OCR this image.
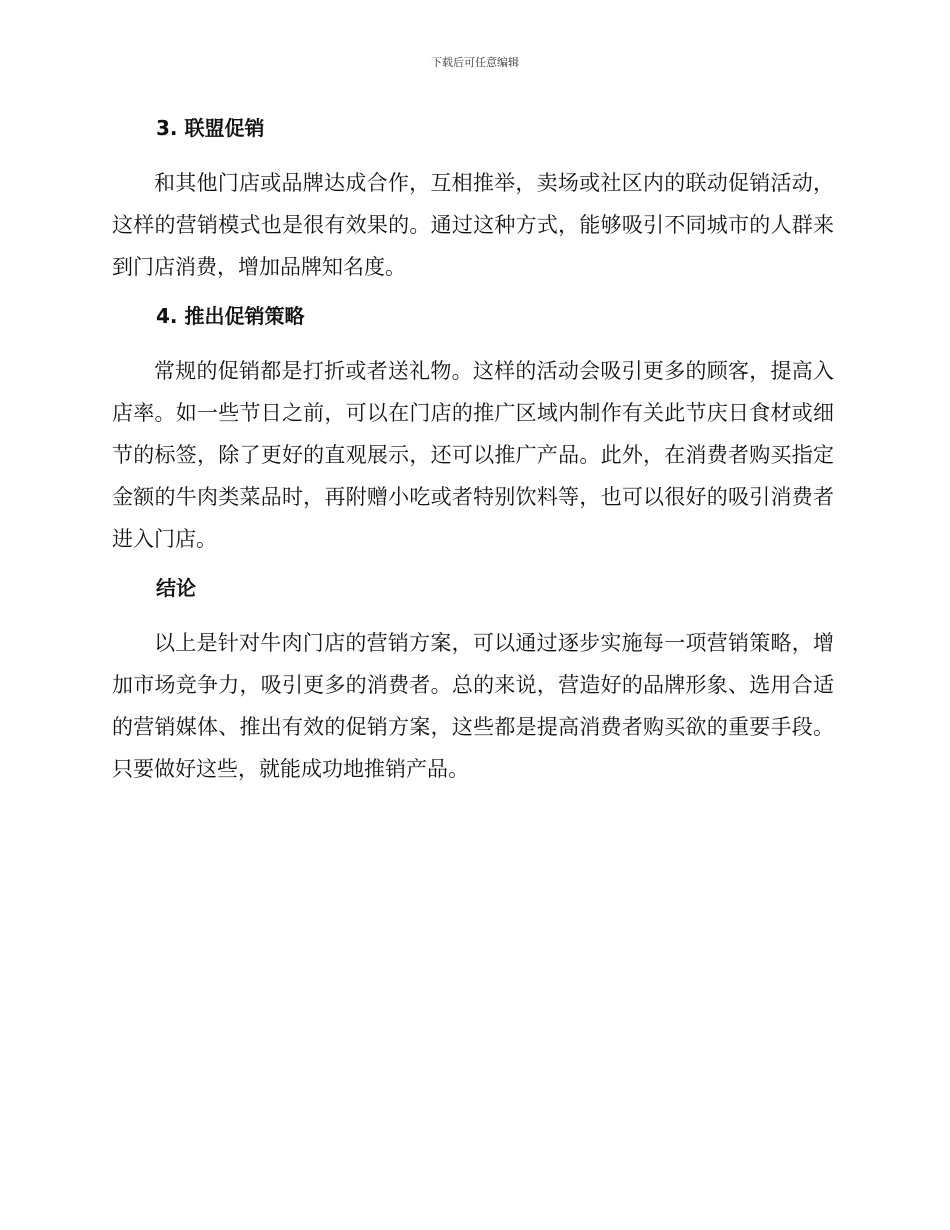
下载后可任意编辑
3. 联盟促销

和其他门店或品牌达成合作，互相推举，卖场或社区内的联动促销活动，这样的营销模式也是很有效果的。通过这种方式，能够吸引不同城市的人群来到门店消费，增加品牌知名度。

4. 推出促销策略

常规的促销都是打折或者送礼物。这样的活动会吸引更多的顾客，提高入店率。如一些节日之前，可以在门店的推广区域内制作有关此节庆日食材或细节的标签，除了更好的直观展示，还可以推广产品。此外，在消费者购买指定金额的牛肉类菜品时，再附赠小吃或者特别饮料等，也可以很好的吸引消费者进入门店。

结论

以上是针对牛肉门店的营销方案，可以通过逐步实施每一项营销策略，增加市场竞争力，吸引更多的消费者。总的来说，营造好的品牌形象、选用合适的营销媒体、推出有效的促销方案，这些都是提高消费者购买欲的重要手段。只要做好这些，就能成功地推销产品。
